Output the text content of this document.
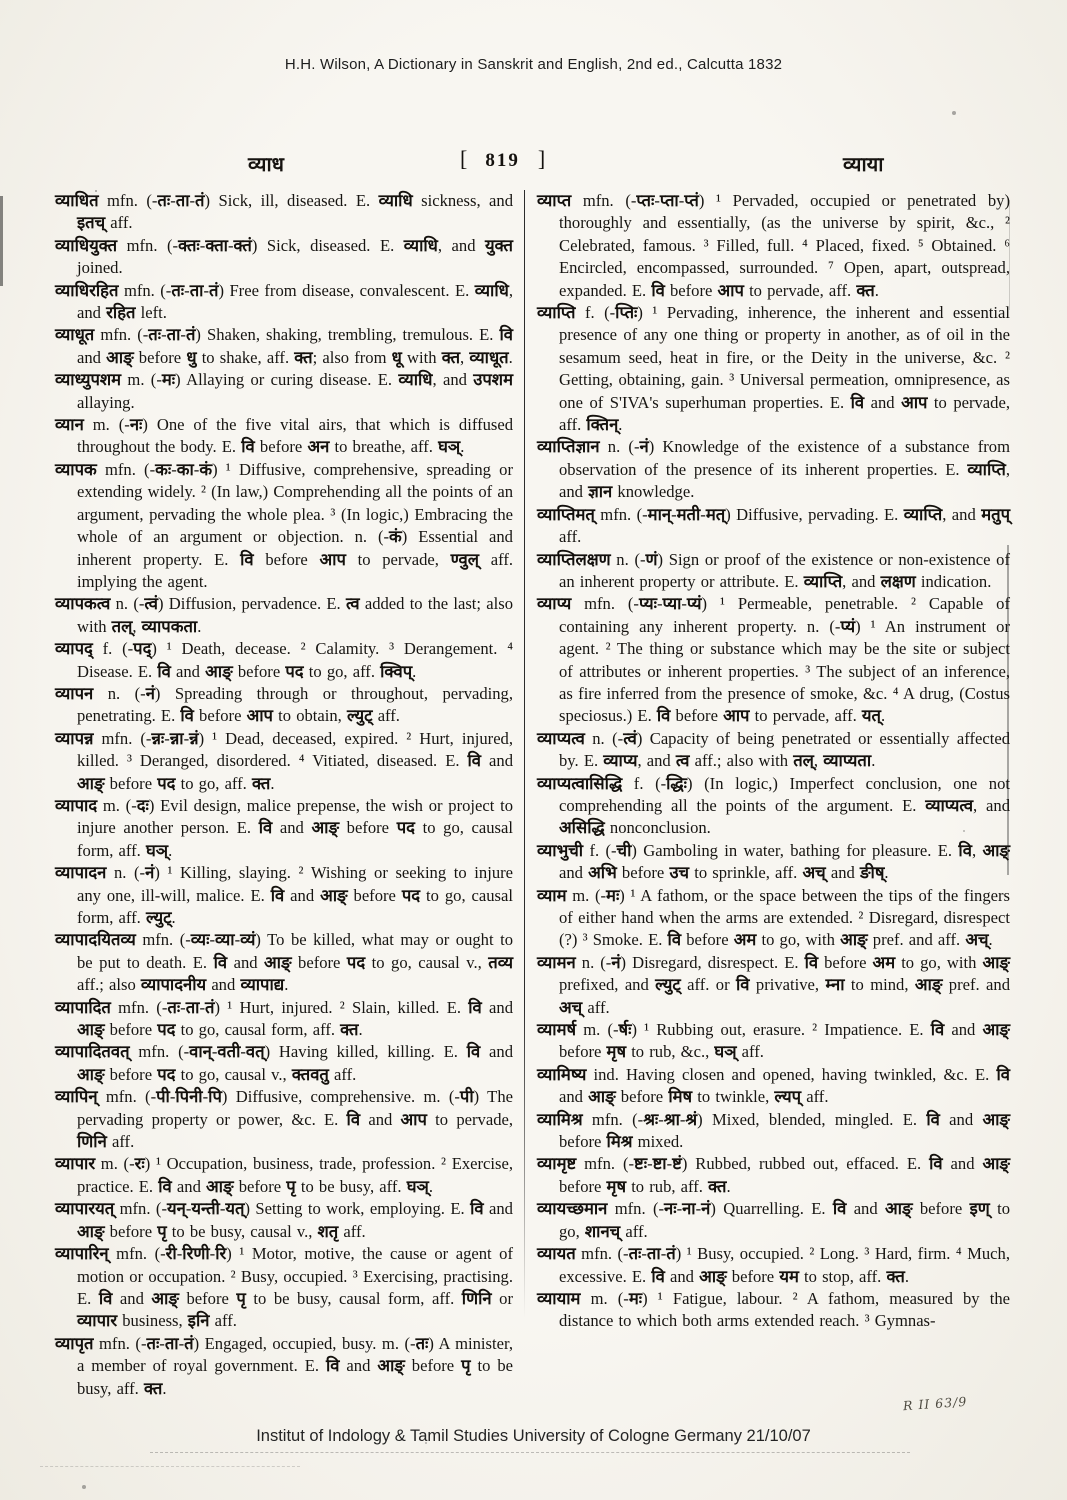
H.H. Wilson, A Dictionary in Sanskrit and English, 2nd ed., Calcutta 1832
व्याध	[ 819 ]	व्याया

व्याधित mfn. (-तः-ता-तं) Sick, ill, diseased. E. व्याधि sickness, and इतच् aff.

व्याधियुक्त mfn. (-क्तः-क्ता-क्तं) Sick, diseased. E. व्याधि, and युक्त joined.

व्याधिरहित mfn. (-तः-ता-तं) Free from disease, convalescent. E. व्याधि, and रहित left.

व्याधूत mfn. (-तः-ता-तं) Shaken, shaking, trembling, tremulous. E. वि and आङ् before धु to shake, aff. क्त; also from धू with क्त, व्याधूत.

व्याध्युपशम m. (-मः) Allaying or curing disease. E. व्याधि, and उपशम allaying.

व्यान m. (-नः) One of the five vital airs, that which is diffused throughout the body. E. वि before अन to breathe, aff. घञ्.

व्यापक mfn. (-कः-का-कं) ¹ Diffusive, comprehensive, spreading or extending widely. ² (In law,) Comprehending all the points of an argument, pervading the whole plea. ³ (In logic,) Embracing the whole of an argument or objection. n. (-कं) Essential and inherent property. E. वि before आप to pervade, ण्वुल् aff. implying the agent.

व्यापकत्व n. (-त्वं) Diffusion, pervadence. E. त्व added to the last; also with तल्, व्यापकता.

व्यापद् f. (-पद्) ¹ Death, decease. ² Calamity. ³ Derangement. ⁴ Disease. E. वि and आङ् before पद to go, aff. क्विप्.

व्यापन n. (-नं) Spreading through or throughout, pervading, penetrating. E. वि before आप to obtain, ल्युट् aff.

व्यापन्न mfn. (-न्नः-न्ना-न्नं) ¹ Dead, deceased, expired. ² Hurt, injured, killed. ³ Deranged, disordered. ⁴ Vitiated, diseased. E. वि and आङ् before पद to go, aff. क्त.

व्यापाद m. (-दः) Evil design, malice prepense, the wish or project to injure another person. E. वि and आङ् before पद to go, causal form, aff. घञ्.

व्यापादन n. (-नं) ¹ Killing, slaying. ² Wishing or seeking to injure any one, ill-will, malice. E. वि and आङ् before पद to go, causal form, aff. ल्युट्.

व्यापादयितव्य mfn. (-व्यः-व्या-व्यं) To be killed, what may or ought to be put to death. E. वि and आङ् before पद to go, causal v., तव्य aff.; also व्यापादनीय and व्यापाद्य.

व्यापादित mfn. (-तः-ता-तं) ¹ Hurt, injured. ² Slain, killed. E. वि and आङ् before पद to go, causal form, aff. क्त.

व्यापादितवत् mfn. (-वान्-वती-वत्) Having killed, killing. E. वि and आङ् before पद to go, causal v., क्तवतु aff.

व्यापिन् mfn. (-पी-पिनी-पि) Diffusive, comprehensive. m. (-पी) The pervading property or power, &c. E. वि and आप to pervade, णिनि aff.

व्यापार m. (-रः) ¹ Occupation, business, trade, profession. ² Exercise, practice. E. वि and आङ् before पृ to be busy, aff. घञ्.

व्यापारयत् mfn. (-यन्-यन्ती-यत्) Setting to work, employing. E. वि and आङ् before पृ to be busy, causal v., शतृ aff.

व्यापारिन् mfn. (-री-रिणी-रि) ¹ Motor, motive, the cause or agent of motion or occupation. ² Busy, occupied. ³ Exercising, practising. E. वि and आङ् before पृ to be busy, causal form, aff. णिनि or व्यापार business, इनि aff.

व्यापृत mfn. (-तः-ता-तं) Engaged, occupied, busy. m. (-तः) A minister, a member of royal government. E. वि and आङ् before पृ to be busy, aff. क्त.

व्याप्त mfn. (-प्तः-प्ता-प्तं) ¹ Pervaded, occupied or penetrated by) thoroughly and essentially, (as the universe by spirit, &c., ² Celebrated, famous. ³ Filled, full. ⁴ Placed, fixed. ⁵ Obtained. ⁶ Encircled, encompassed, surrounded. ⁷ Open, apart, outspread, expanded. E. वि before आप to pervade, aff. क्त.

व्याप्ति f. (-प्तिः) ¹ Pervading, inherence, the inherent and essential presence of any one thing or property in another, as of oil in the sesamum seed, heat in fire, or the Deity in the universe, &c. ² Getting, obtaining, gain. ³ Universal permeation, omnipresence, as one of S'IVA's superhuman properties. E. वि and आप to pervade, aff. क्तिन्.

व्याप्तिज्ञान n. (-नं) Knowledge of the existence of a substance from observation of the presence of its inherent properties. E. व्याप्ति, and ज्ञान knowledge.

व्याप्तिमत् mfn. (-मान्-मती-मत्) Diffusive, pervading. E. व्याप्ति, and मतुप् aff.

व्याप्तिलक्षण n. (-णं) Sign or proof of the existence or non-existence of an inherent property or attribute. E. व्याप्ति, and लक्षण indication.

व्याप्य mfn. (-प्यः-प्या-प्यं) ¹ Permeable, penetrable. ² Capable of containing any inherent property. n. (-प्यं) ¹ An instrument or agent. ² The thing or substance which may be the site or subject of attributes or inherent properties. ³ The subject of an inference, as fire inferred from the presence of smoke, &c. ⁴ A drug, (Costus speciosus.) E. वि before आप to pervade, aff. यत्.

व्याप्यत्व n. (-त्वं) Capacity of being penetrated or essentially affected by. E. व्याप्य, and त्व aff.; also with तल्, व्याप्यता.

व्याप्यत्वासिद्धि f. (-द्धिः) (In logic,) Imperfect conclusion, one not comprehending all the points of the argument. E. व्याप्यत्व, and असिद्धि nonconclusion.

व्याभुची f. (-ची) Gamboling in water, bathing for pleasure. E. वि, आङ् and अभि before उच to sprinkle, aff. अच् and ङीष्.

व्याम m. (-मः) ¹ A fathom, or the space between the tips of the fingers of either hand when the arms are extended. ² Disregard, disrespect (?) ³ Smoke. E. वि before अम to go, with आङ् pref. and aff. अच्.

व्यामन n. (-नं) Disregard, disrespect. E. वि before अम to go, with आङ् prefixed, and ल्युट् aff. or वि privative, म्ना to mind, आङ् pref. and अच् aff.

व्यामर्ष m. (-र्षः) ¹ Rubbing out, erasure. ² Impatience. E. वि and आङ् before मृष to rub, &c., घञ् aff.

व्यामिष्य ind. Having closen and opened, having twinkled, &c. E. वि and आङ् before मिष to twinkle, ल्यप् aff.

व्यामिश्र mfn. (-श्रः-श्रा-श्रं) Mixed, blended, mingled. E. वि and आङ् before मिश्र mixed.

व्यामृष्ट mfn. (-ष्टः-ष्टा-ष्टं) Rubbed, rubbed out, effaced. E. वि and आङ् before मृष to rub, aff. क्त.

व्यायच्छमान mfn. (-नः-ना-नं) Quarrelling. E. वि and आङ् before इण् to go, शानच् aff.

व्यायत mfn. (-तः-ता-तं) ¹ Busy, occupied. ² Long. ³ Hard, firm. ⁴ Much, excessive. E. वि and आङ् before यम to stop, aff. क्त.

व्यायाम m. (-मः) ¹ Fatigue, labour. ² A fathom, measured by the distance to which both arms extended reach. ³ Gymnas-

R II 63/9
Institut of Indology & Tamil Studies University of Cologne Germany 21/10/07
